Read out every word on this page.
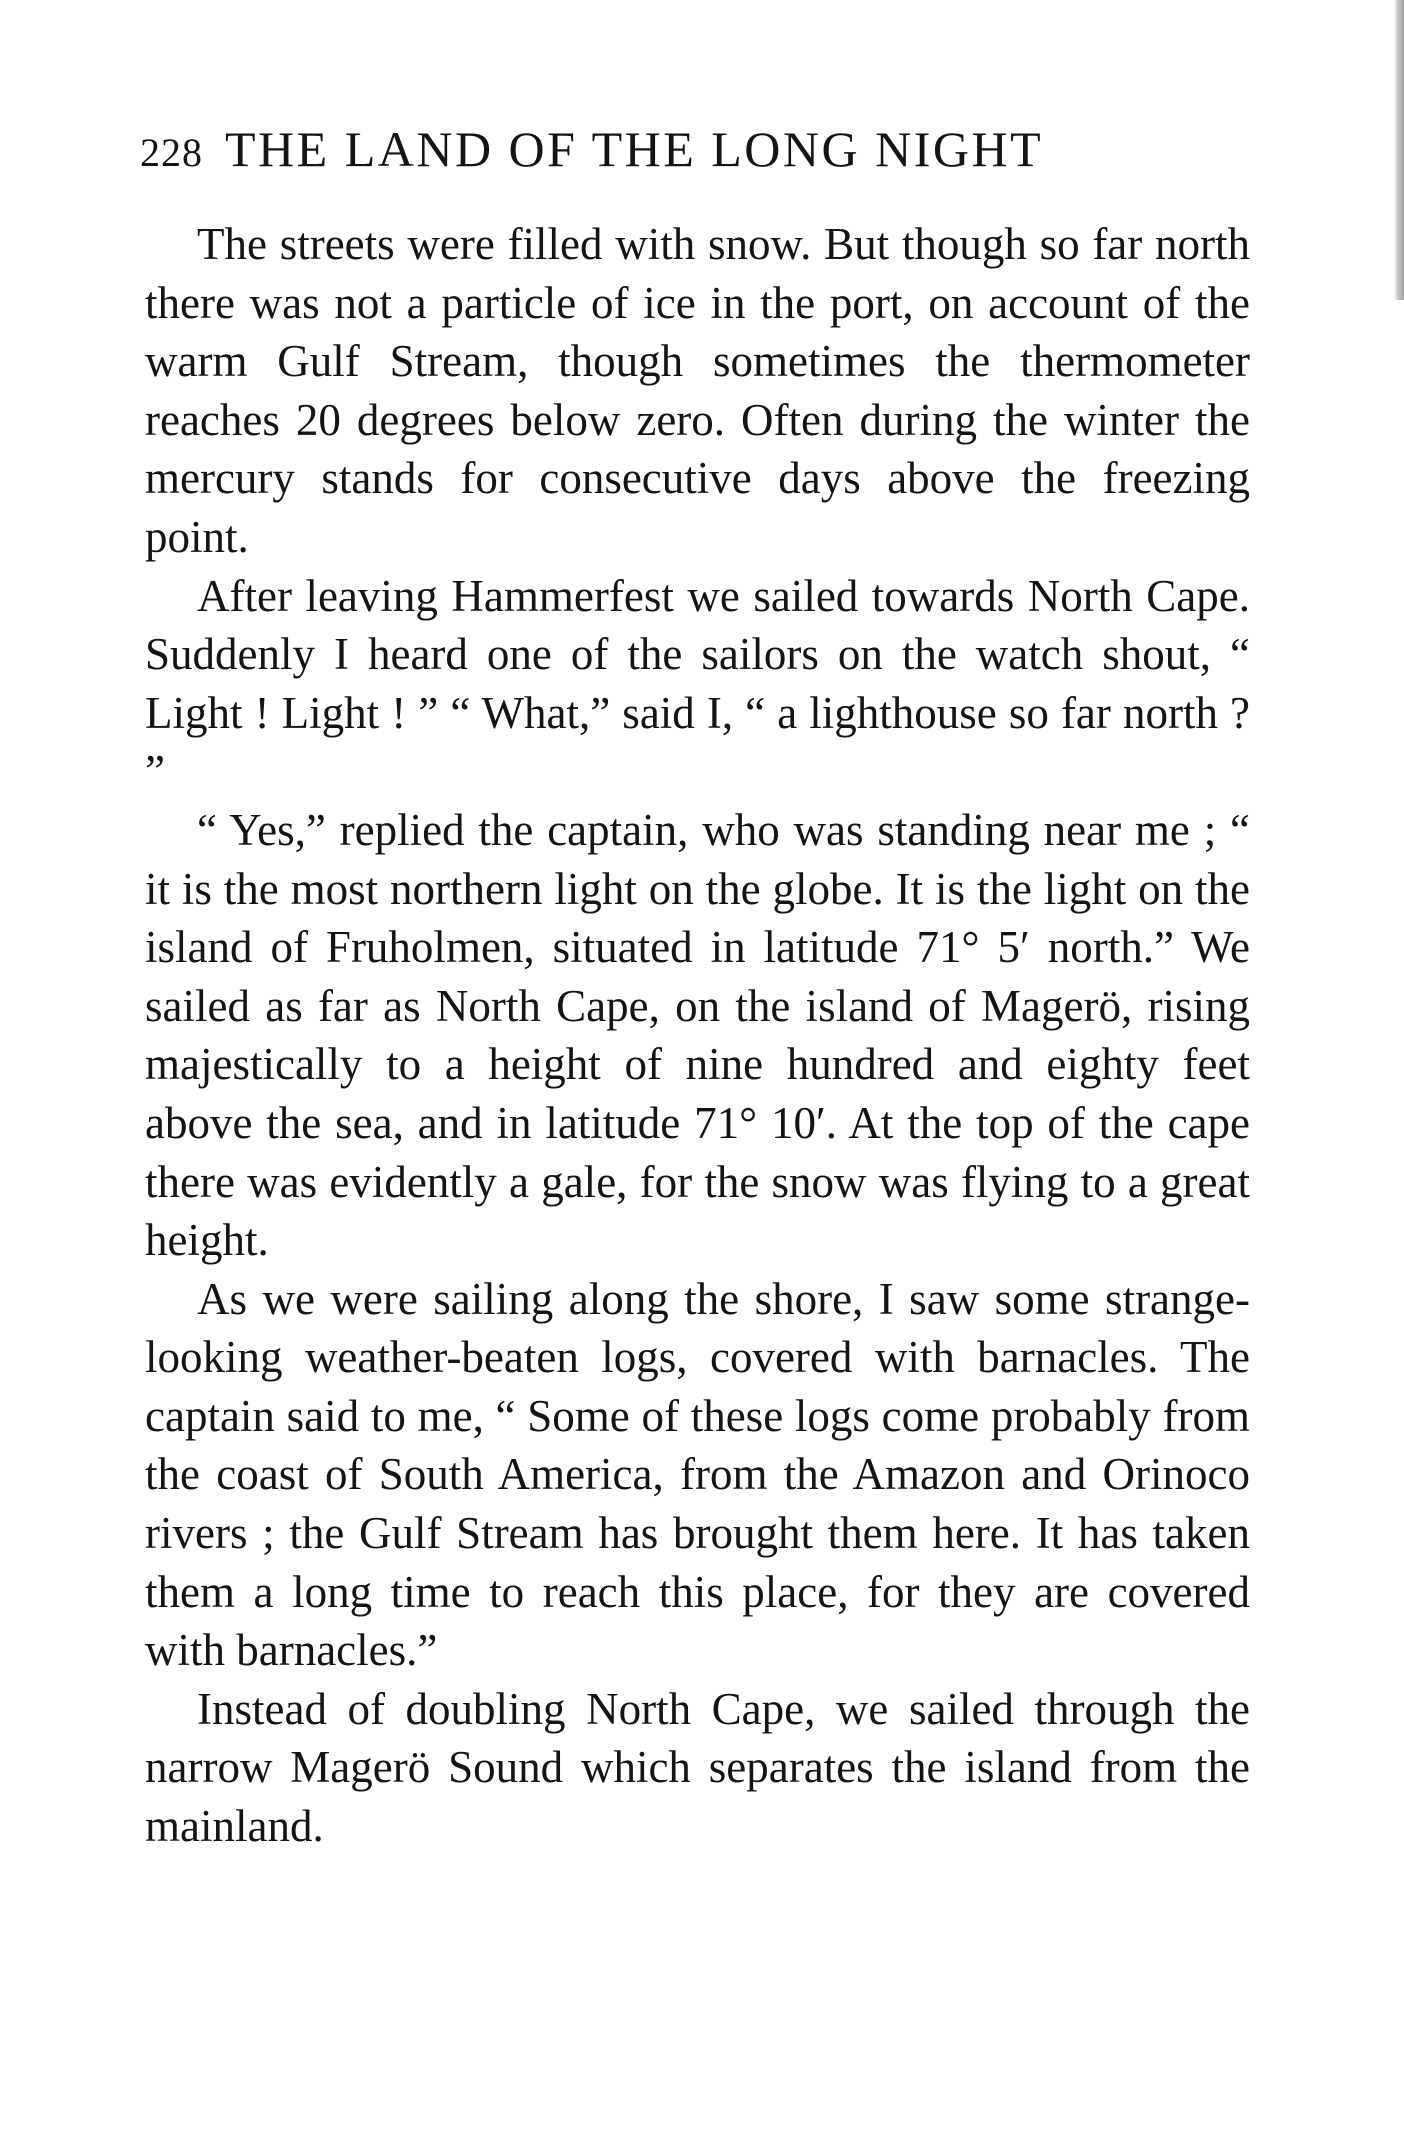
228 THE LAND OF THE LONG NIGHT

The streets were filled with snow. But though so far north there was not a particle of ice in the port, on account of the warm Gulf Stream, though sometimes the thermometer reaches 20 degrees below zero. Often during the winter the mercury stands for consecutive days above the freezing point.

After leaving Hammerfest we sailed towards North Cape. Suddenly I heard one of the sailors on the watch shout, “ Light ! Light ! ” “ What,” said I, “ a lighthouse so far north ? ”

“ Yes,” replied the captain, who was standing near me ; “ it is the most northern light on the globe. It is the light on the island of Fruholmen, situated in latitude 71° 5′ north.” We sailed as far as North Cape, on the island of Magerö, rising majestically to a height of nine hundred and eighty feet above the sea, and in latitude 71° 10′. At the top of the cape there was evidently a gale, for the snow was flying to a great height.

As we were sailing along the shore, I saw some strange-looking weather-beaten logs, covered with barnacles. The captain said to me, “ Some of these logs come probably from the coast of South America, from the Amazon and Orinoco rivers ; the Gulf Stream has brought them here. It has taken them a long time to reach this place, for they are covered with barnacles.”

Instead of doubling North Cape, we sailed through the narrow Magerö Sound which separates the island from the mainland.
